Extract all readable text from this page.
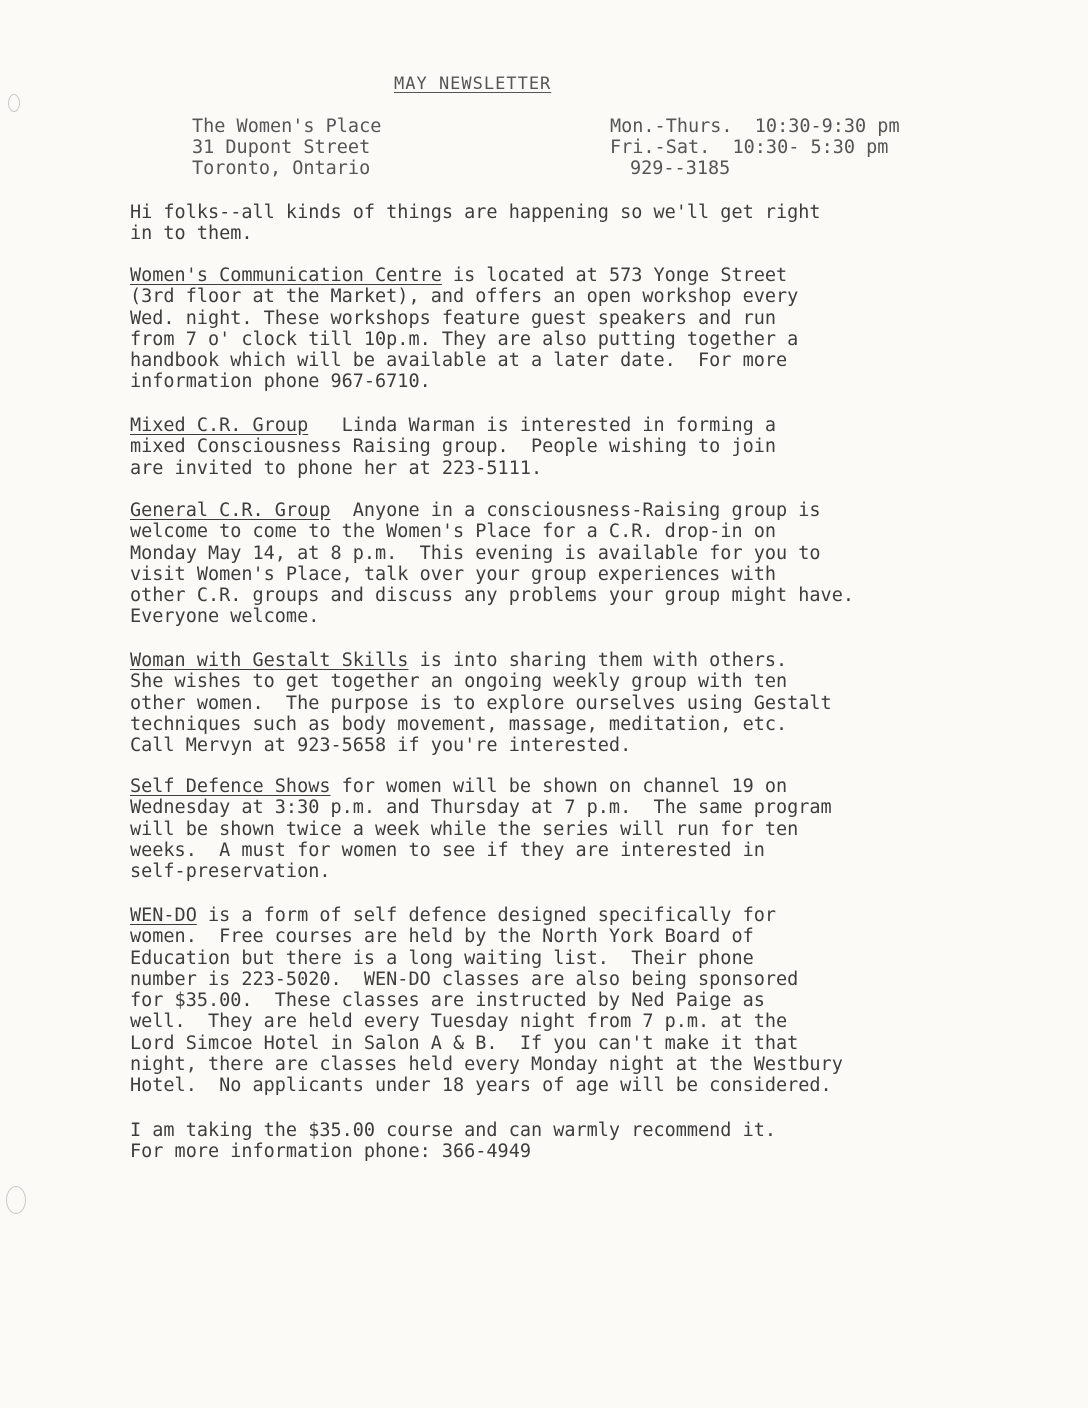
MAY NEWSLETTER
The Women's Place
31 Dupont Street
Toronto, Ontario
Mon.-Thurs.  10:30-9:30 pm
Fri.-Sat.  10:30- 5:30 pm
929--3185
Hi folks--all kinds of things are happening so we'll get right
in to them.
Women's Communication Centre is located at 573 Yonge Street
(3rd floor at the Market), and offers an open workshop every
Wed. night. These workshops feature guest speakers and run
from 7 o' clock till 10p.m. They are also putting together a
handbook which will be available at a later date.  For more
information phone 967-6710.
Mixed C.R. Group   Linda Warman is interested in forming a
mixed Consciousness Raising group.  People wishing to join
are invited to phone her at 223-5111.
General C.R. Group  Anyone in a consciousness-Raising group is
welcome to come to the Women's Place for a C.R. drop-in on
Monday May 14, at 8 p.m.  This evening is available for you to
visit Women's Place, talk over your group experiences with
other C.R. groups and discuss any problems your group might have.
Everyone welcome.
Woman with Gestalt Skills is into sharing them with others.
She wishes to get together an ongoing weekly group with ten
other women.  The purpose is to explore ourselves using Gestalt
techniques such as body movement, massage, meditation, etc.
Call Mervyn at 923-5658 if you're interested.
Self Defence Shows for women will be shown on channel 19 on
Wednesday at 3:30 p.m. and Thursday at 7 p.m.  The same program
will be shown twice a week while the series will run for ten
weeks.  A must for women to see if they are interested in
self-preservation.
WEN-DO is a form of self defence designed specifically for
women.  Free courses are held by the North York Board of
Education but there is a long waiting list.  Their phone
number is 223-5020.  WEN-DO classes are also being sponsored
for $35.00.  These classes are instructed by Ned Paige as
well.  They are held every Tuesday night from 7 p.m. at the
Lord Simcoe Hotel in Salon A & B.  If you can't make it that
night, there are classes held every Monday night at the Westbury
Hotel.  No applicants under 18 years of age will be considered.
I am taking the $35.00 course and can warmly recommend it.
For more information phone: 366-4949
